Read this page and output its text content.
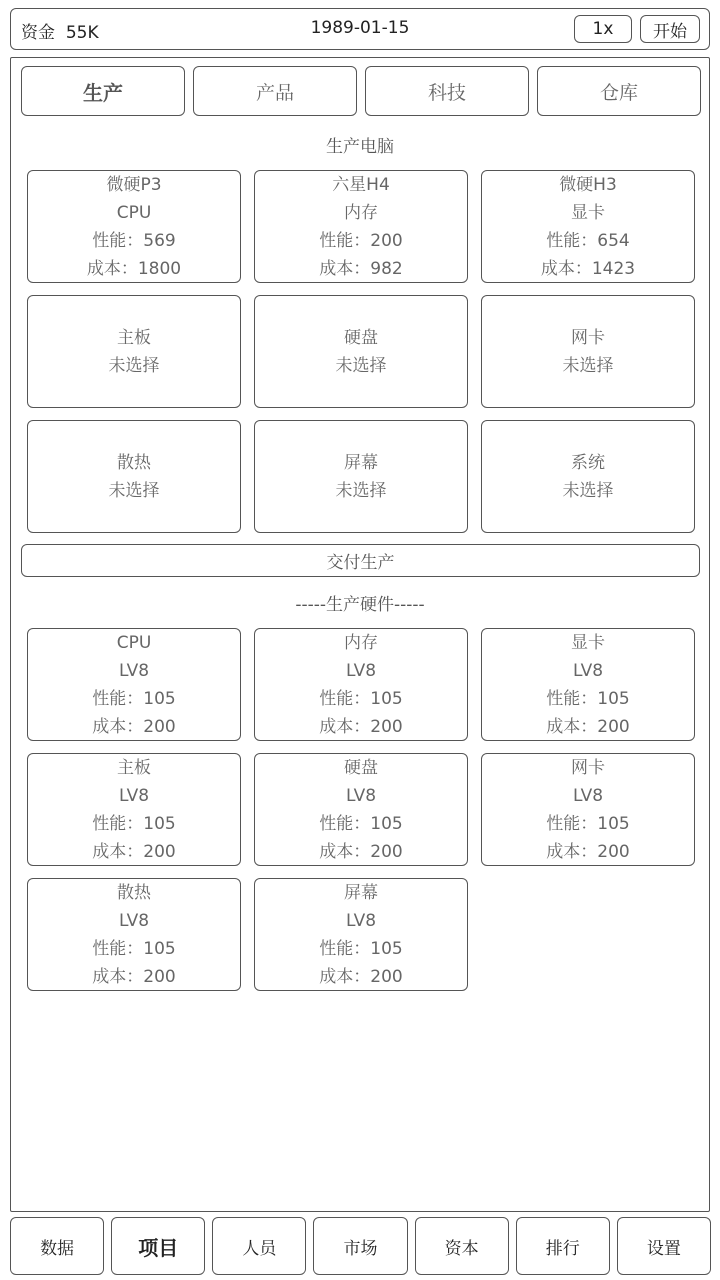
资金 55K	1989-01-15	1x	开始
生产	产品	科技	仓库
生产电脑
微硬P3
CPU
性能：569
成本：1800
六星H4
内存
性能：200
成本：982
微硬H3
显卡
性能：654
成本：1423
主板
未选择
硬盘
未选择
网卡
未选择
散热
未选择
屏幕
未选择
系统
未选择
交付生产
-----生产硬件-----
CPU
LV8
性能：105
成本：200
内存
LV8
性能：105
成本：200
显卡
LV8
性能：105
成本：200
主板
LV8
性能：105
成本：200
硬盘
LV8
性能：105
成本：200
网卡
LV8
性能：105
成本：200
散热
LV8
性能：105
成本：200
屏幕
LV8
性能：105
成本：200
数据	项目	人员	市场	资本	排行	设置
